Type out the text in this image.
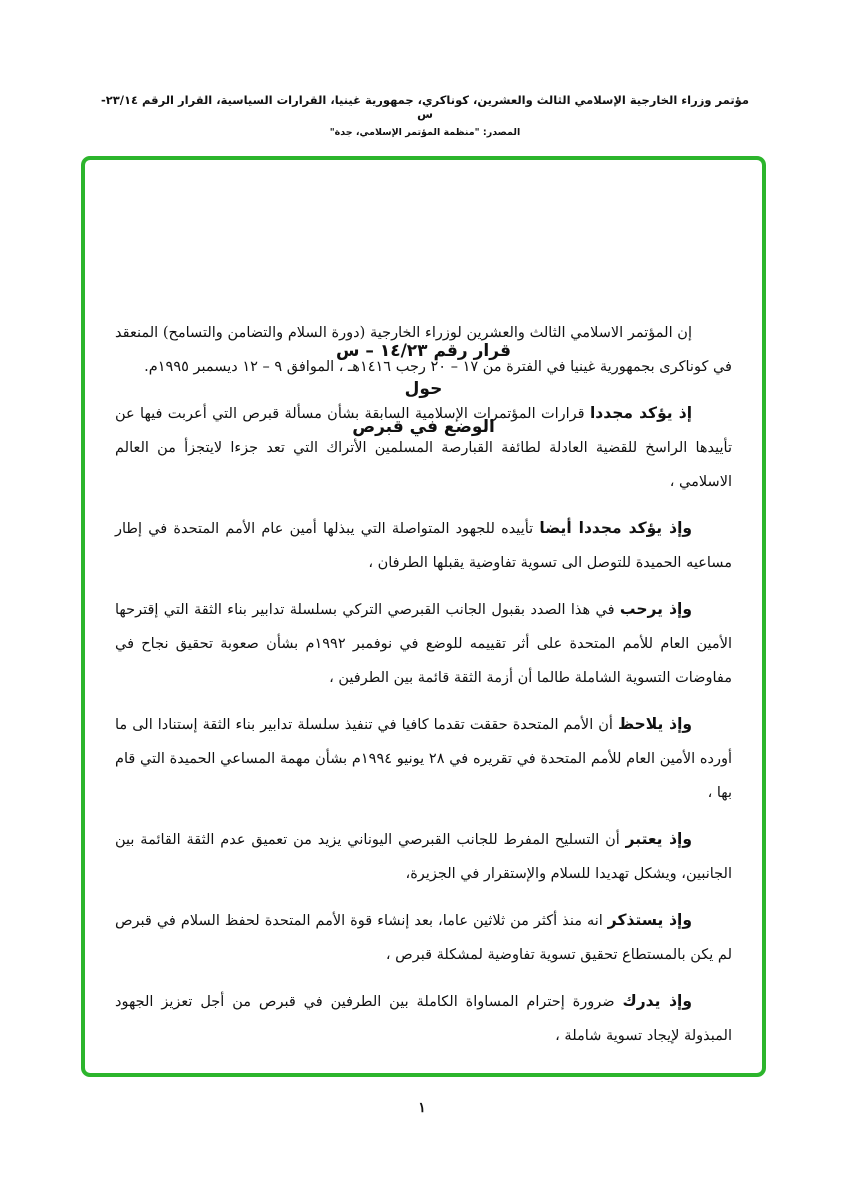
مؤتمر وزراء الخارجية الإسلامي الثالث والعشرين، كوناكري، جمهورية غينيا، القرارات السياسية، القرار الرقم ٢٣/١٤-س
المصدر: "منظمة المؤتمر الإسلامي، جدة"
قرار رقم ١٤/٢٣ – س
حول
الوضع في قبرص

إن المؤتمر الاسلامي الثالث والعشرين لوزراء الخارجية (دورة السلام والتضامن والتسامح) المنعقد في كوناكرى بجمهورية غينيا في الفترة من ١٧ – ٢٠ رجب ١٤١٦هـ ، الموافق ٩ – ١٢ ديسمبر ١٩٩٥م.

إذ يؤكد مجددا قرارات المؤتمرات الإسلامية السابقة بشأن مسألة قبرص التي أعربت فيها عن تأييدها الراسخ للقضية العادلة لطائفة القبارصة المسلمين الأتراك التي تعد جزءا لايتجزأ من العالم الاسلامي ،

وإذ يؤكد مجددا أيضا تأييده للجهود المتواصلة التي يبذلها أمين عام الأمم المتحدة في إطار مساعيه الحميدة للتوصل الى تسوية تفاوضية يقبلها الطرفان ،

وإذ يرحب في هذا الصدد بقبول الجانب القبرصي التركي بسلسلة تدابير بناء الثقة التي إقترحها الأمين العام للأمم المتحدة على أثر تقييمه للوضع في نوفمبر ١٩٩٢م بشأن صعوبة تحقيق نجاح في مفاوضات التسوية الشاملة طالما أن أزمة الثقة قائمة بين الطرفين ،

وإذ يلاحظ أن الأمم المتحدة حققت تقدما كافيا في تنفيذ سلسلة تدابير بناء الثقة إستنادا الى ما أورده الأمين العام للأمم المتحدة في تقريره في ٢٨ يونيو ١٩٩٤م بشأن مهمة المساعي الحميدة التي قام بها ،

وإذ يعتبر أن التسليح المفرط للجانب القبرصي اليوناني يزيد من تعميق عدم الثقة القائمة بين الجانبين، ويشكل تهديدا للسلام والإستقرار في الجزيرة،

وإذ يستذكر انه منذ أكثر من ثلاثين عاما، بعد إنشاء قوة الأمم المتحدة لحفظ السلام في قبرص لم يكن بالمستطاع تحقيق تسوية تفاوضية لمشكلة قبرص ،

وإذ يدرك ضرورة إحترام المساواة الكاملة بين الطرفين في قبرص من أجل تعزيز الجهود المبذولة لإيجاد تسوية شاملة ،

١
